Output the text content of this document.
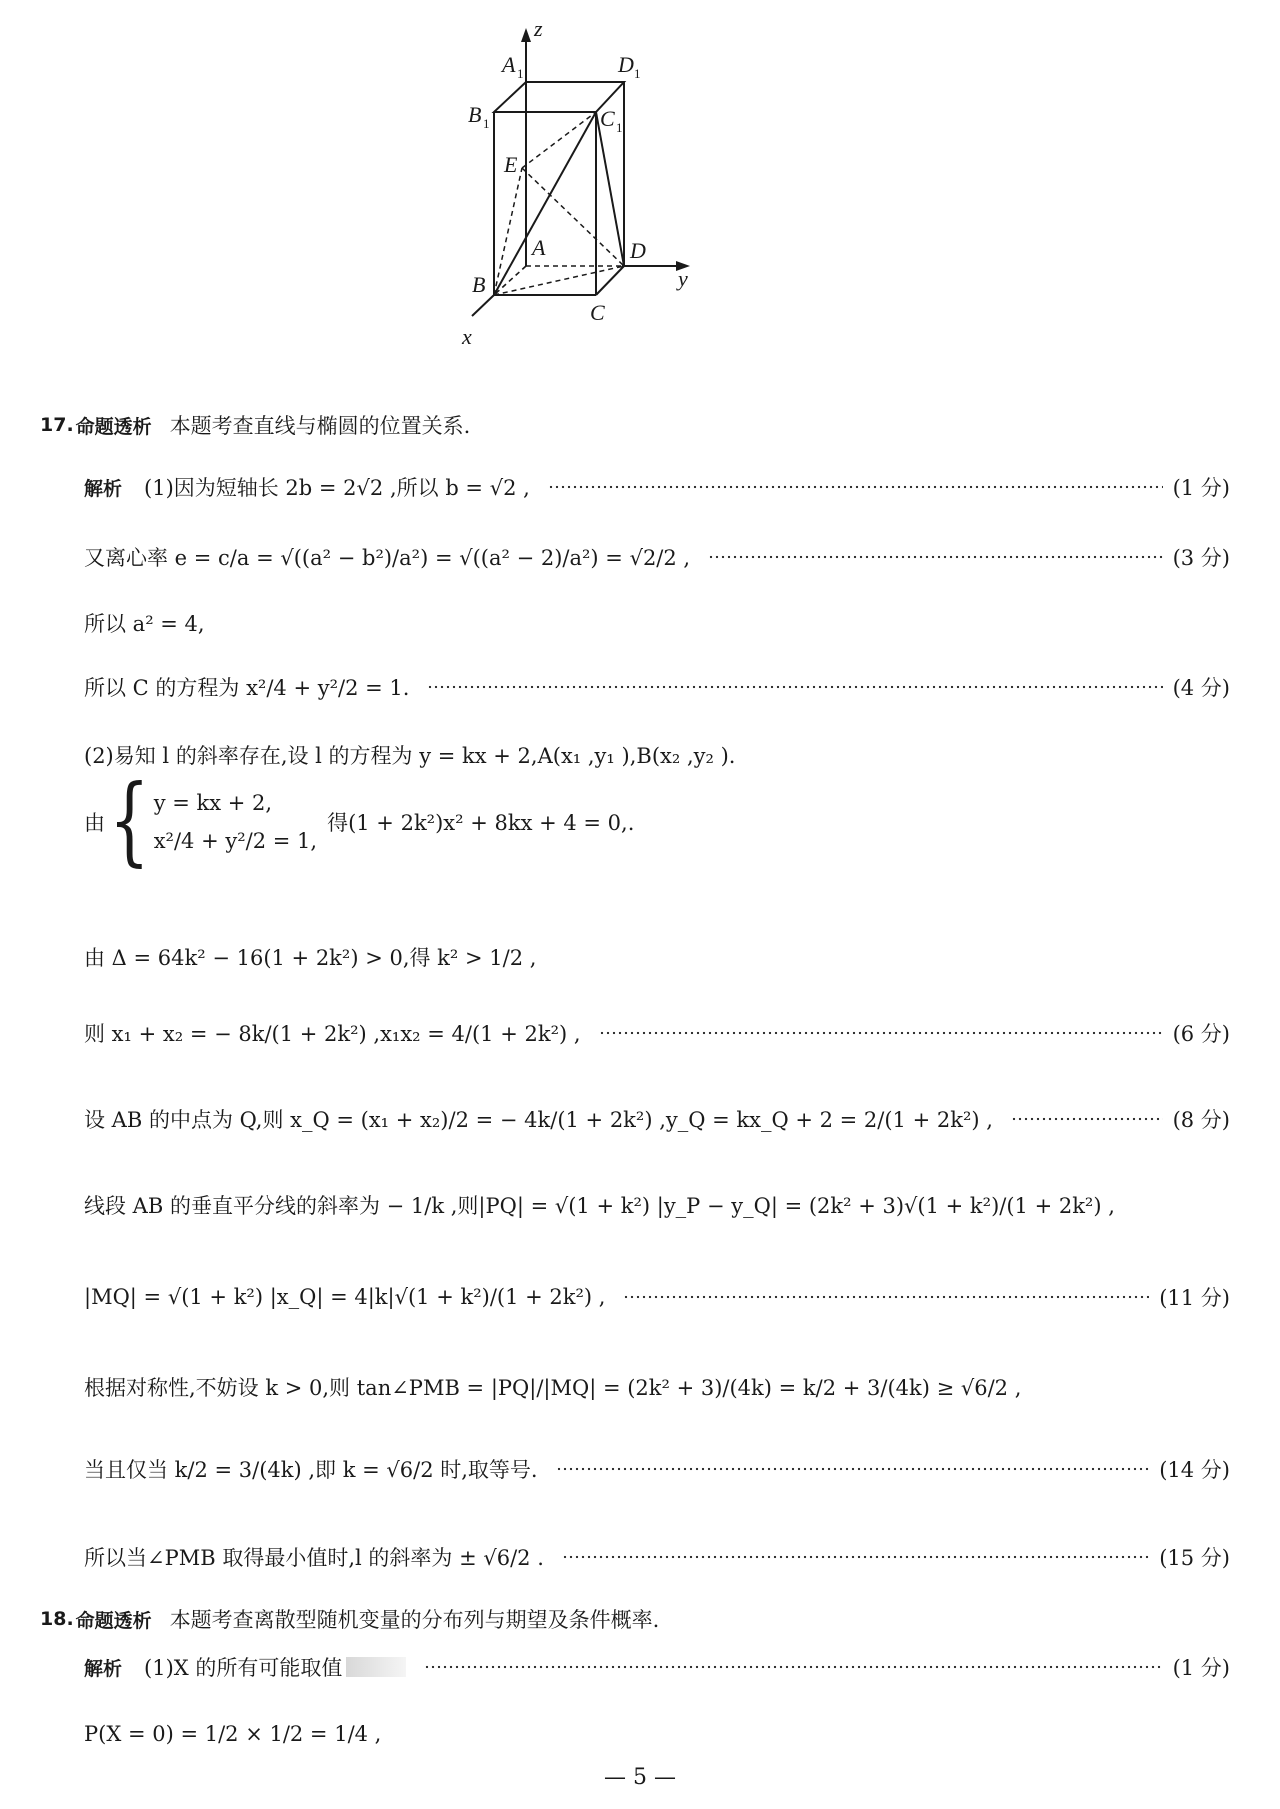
z
y
x
A 1	D 1
B 1	C 1
E
A	D
B
C
17. 命题透析 本题考查直线与椭圆的位置关系.
解析 (1)因为短轴长 2b = 2√2 ,所以 b = √2 ,	(1 分)
又离心率 e = c/a = √((a² − b²)/a²) = √((a² − 2)/a²) = √2/2 ,	(3 分)
所以 a² = 4,
所以 C 的方程为 x²/4 + y²/2 = 1.	(4 分)
(2)易知 l 的斜率存在,设 l 的方程为 y = kx + 2,A(x₁ ,y₁ ),B(x₂ ,y₂ ).
由 { y = kx + 2,
x²/4 + y²/2 = 1,
得(1 + 2k²)x² + 8kx + 4 = 0,.
由 Δ = 64k² − 16(1 + 2k²) > 0,得 k² > 1/2 ,
则 x₁ + x₂ = − 8k/(1 + 2k²) ,x₁x₂ = 4/(1 + 2k²) ,	(6 分)
设 AB 的中点为 Q,则 x_Q = (x₁ + x₂)/2 = − 4k/(1 + 2k²) ,y_Q = kx_Q + 2 = 2/(1 + 2k²) ,	(8 分)
线段 AB 的垂直平分线的斜率为 − 1/k ,则|PQ| = √(1 + k²) |y_P − y_Q| = (2k² + 3)√(1 + k²)/(1 + 2k²) ,
|MQ| = √(1 + k²) |x_Q| = 4|k|√(1 + k²)/(1 + 2k²) ,	(11 分)
根据对称性,不妨设 k > 0,则 tan∠PMB = |PQ|/|MQ| = (2k² + 3)/(4k) = k/2 + 3/(4k) ≥ √6/2 ,
当且仅当 k/2 = 3/(4k) ,即 k = √6/2 时,取等号.	(14 分)
所以当∠PMB 取得最小值时,l 的斜率为 ± √6/2 .	(15 分)
18. 命题透析 本题考查离散型随机变量的分布列与期望及条件概率.
解析 (1)X 的所有可能取值	(1 分)
P(X = 0) = 1/2 × 1/2 = 1/4 ,
— 5 —
